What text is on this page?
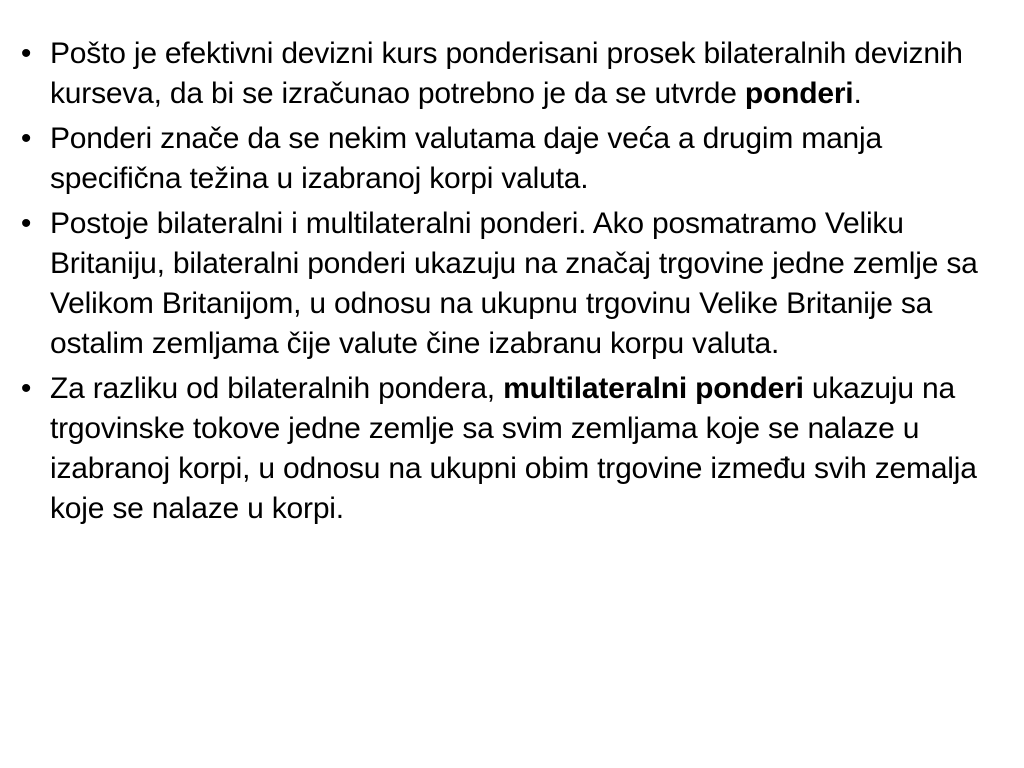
• Pošto je efektivni devizni kurs ponderisani prosek bilateralnih deviznih kurseva, da bi se izračunao potrebno je da se utvrde ponderi.
• Ponderi znače da se nekim valutama daje veća a drugim manja specifična težina u izabranoj korpi valuta.
• Postoje bilateralni i multilateralni ponderi. Ako posmatramo Veliku Britaniju, bilateralni ponderi ukazuju na značaj trgovine jedne zemlje sa Velikom Britanijom, u odnosu na ukupnu trgovinu Velike Britanije sa ostalim zemljama čije valute čine izabranu korpu valuta.
• Za razliku od bilateralnih pondera, multilateralni ponderi ukazuju na trgovinske tokove jedne zemlje sa svim zemljama koje se nalaze u izabranoj korpi, u odnosu na ukupni obim trgovine između svih zemalja koje se nalaze u korpi.
